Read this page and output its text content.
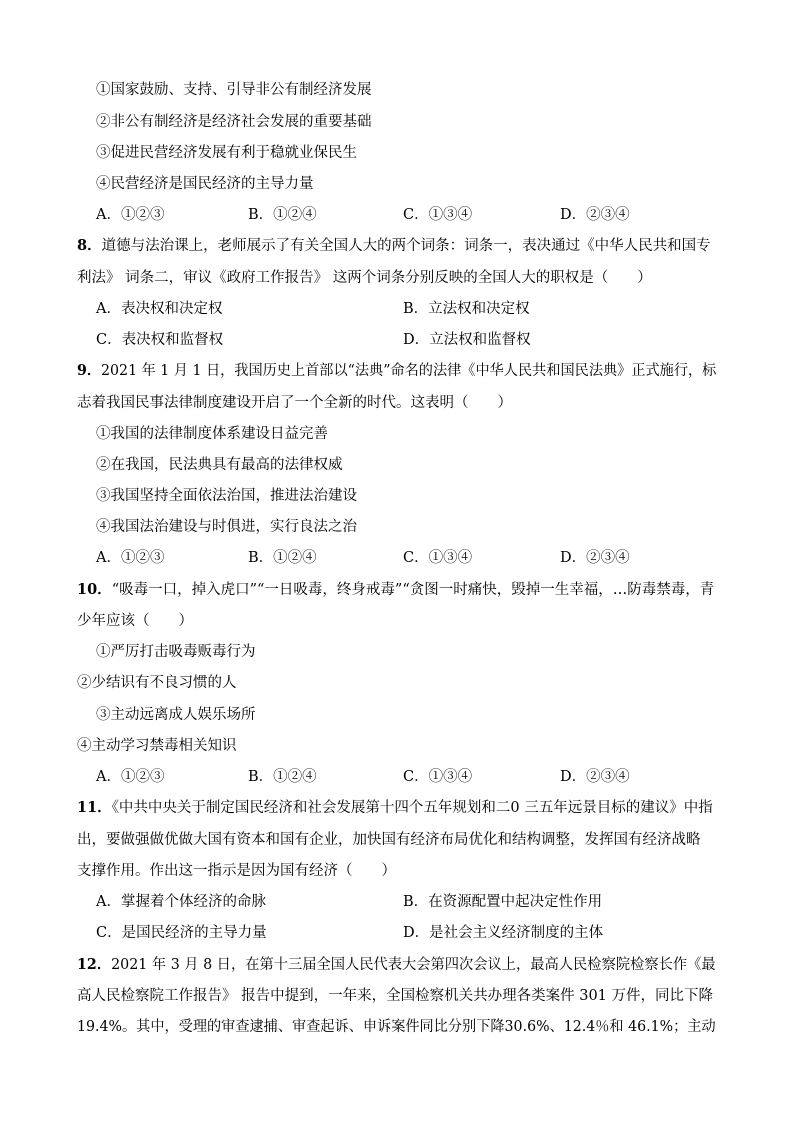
①国家鼓励、支持、引导非公有制经济发展
②非公有制经济是经济社会发展的重要基础
③促进民营经济发展有利于稳就业保民生
④民营经济是国民经济的主导力量
A．①②③	B．①②④	C．①③④	D．②③④
8．道德与法治课上，老师展示了有关全国人大的两个词条：词条一，表决通过《中华人民共和国专
利法》 词条二，审议《政府工作报告》 这两个词条分别反映的全国人大的职权是（　　）
A．表决权和决定权	B．立法权和决定权
C．表决权和监督权	D．立法权和监督权
9．2021 年 1 月 1 日，我国历史上首部以“法典”命名的法律《中华人民共和国民法典》正式施行，标
志着我国民事法律制度建设开启了一个全新的时代。这表明（　　）
①我国的法律制度体系建设日益完善
②在我国，民法典具有最高的法律权威
③我国坚持全面依法治国，推进法治建设
④我国法治建设与时俱进，实行良法之治
A．①②③	B．①②④	C．①③④	D．②③④
10．“吸毒一口，掉入虎口”“一日吸毒，终身戒毒”“贪图一时痛快，毁掉一生幸福，…防毒禁毒，青
少年应该（　　）
①严厉打击吸毒贩毒行为
②少结识有不良习惯的人
③主动远离成人娱乐场所
④主动学习禁毒相关知识
A．①②③	B．①②④	C．①③④	D．②③④
11．《中共中央关于制定国民经济和社会发展第十四个五年规划和二0 三五年远景目标的建议》中指
出，要做强做优做大国有资本和国有企业，加快国有经济布局优化和结构调整，发挥国有经济战略
支撑作用。作出这一指示是因为国有经济（　　）
A．掌握着个体经济的命脉	B．在资源配置中起决定性作用
C．是国民经济的主导力量	D．是社会主义经济制度的主体
12．2021 年 3 月 8 日，在第十三届全国人民代表大会第四次会议上，最高人民检察院检察长作《最
高人民检察院工作报告》 报告中提到，一年来，全国检察机关共办理各类案件 301 万件，同比下降
19.4%。其中，受理的审查逮捕、审查起诉、申诉案件同比分别下降30.6%、12.4％和 46.1%；主动
